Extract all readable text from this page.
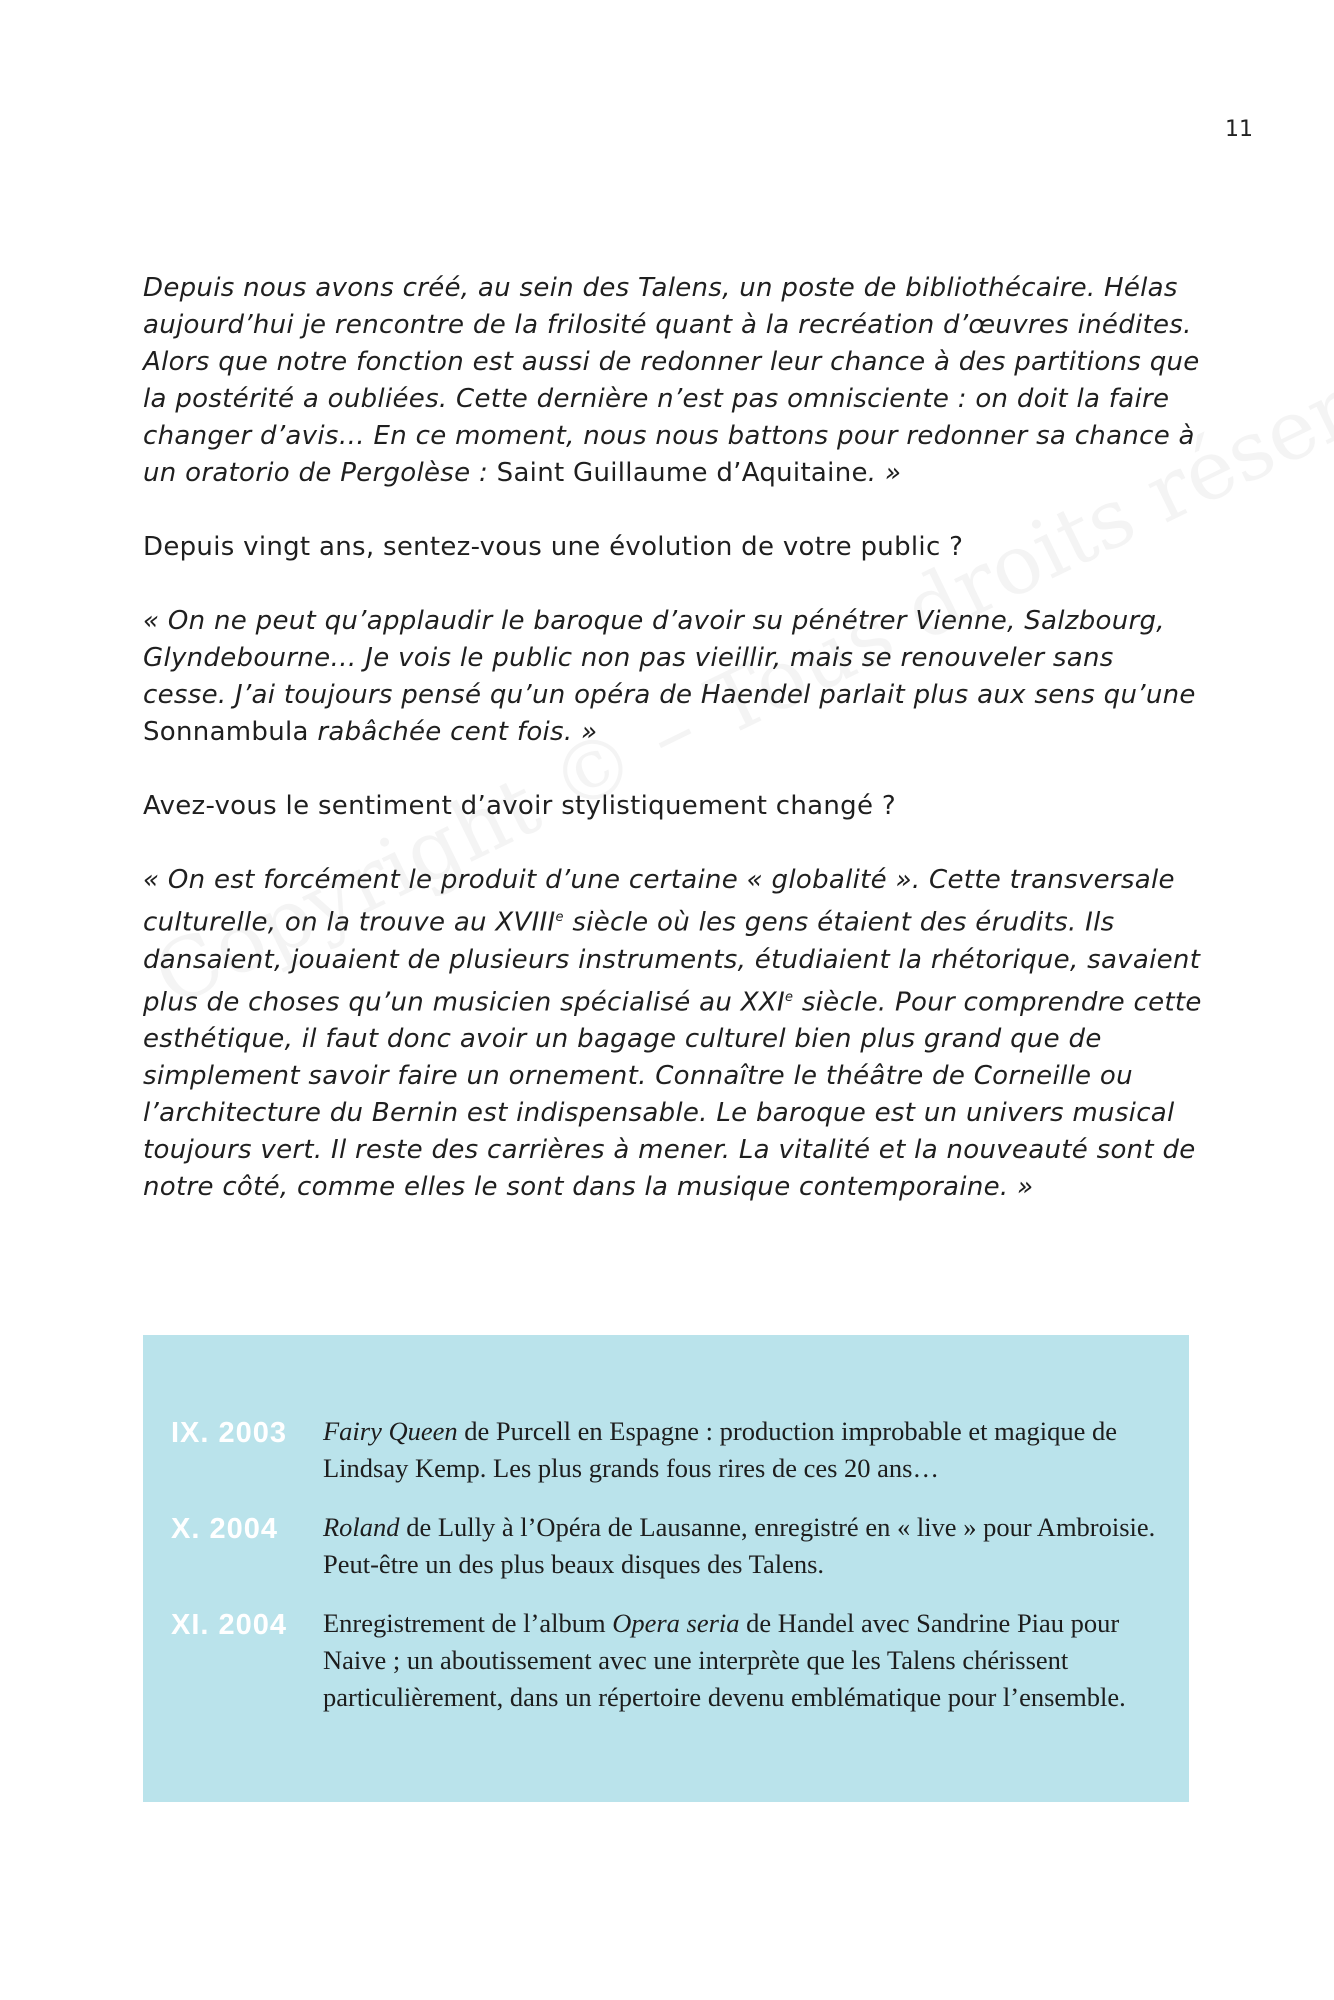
11

Depuis nous avons créé, au sein des Talens, un poste de bibliothécaire. Hélas aujourd’hui je rencontre de la frilosité quant à la recréation d’œuvres inédites. Alors que notre fonction est aussi de redonner leur chance à des partitions que la postérité a oubliées. Cette dernière n’est pas omnisciente : on doit la faire changer d’avis… En ce moment, nous nous battons pour redonner sa chance à un oratorio de Pergolèse : Saint Guillaume d’Aquitaine. »

Depuis vingt ans, sentez-vous une évolution de votre public ?

« On ne peut qu’applaudir le baroque d’avoir su pénétrer Vienne, Salzbourg, Glyndebourne… Je vois le public non pas vieillir, mais se renouveler sans cesse. J’ai toujours pensé qu’un opéra de Haendel parlait plus aux sens qu’une Sonnambula rabâchée cent fois. »

Avez-vous le sentiment d’avoir stylistiquement changé ?

« On est forcément le produit d’une certaine « globalité ». Cette transversale culturelle, on la trouve au XVIIIe siècle où les gens étaient des érudits. Ils dansaient, jouaient de plusieurs instruments, étudiaient la rhétorique, savaient plus de choses qu’un musicien spécialisé au XXIe siècle. Pour comprendre cette esthétique, il faut donc avoir un bagage culturel bien plus grand que de simplement savoir faire un ornement. Connaître le théâtre de Corneille ou l’architecture du Bernin est indispensable. Le baroque est un univers musical toujours vert. Il reste des carrières à mener. La vitalité et la nouveauté sont de notre côté, comme elles le sont dans la musique contemporaine. »

IX. 2003 Fairy Queen de Purcell en Espagne : production improbable et magique de Lindsay Kemp. Les plus grands fous rires de ces 20 ans…
X. 2004 Roland de Lully à l’Opéra de Lausanne, enregistré en « live » pour Ambroisie. Peut-être un des plus beaux disques des Talens.
XI. 2004 Enregistrement de l’album Opera seria de Handel avec Sandrine Piau pour Naive ; un aboutissement avec une interprète que les Talens chérissent particulièrement, dans un répertoire devenu emblématique pour l’ensemble.
